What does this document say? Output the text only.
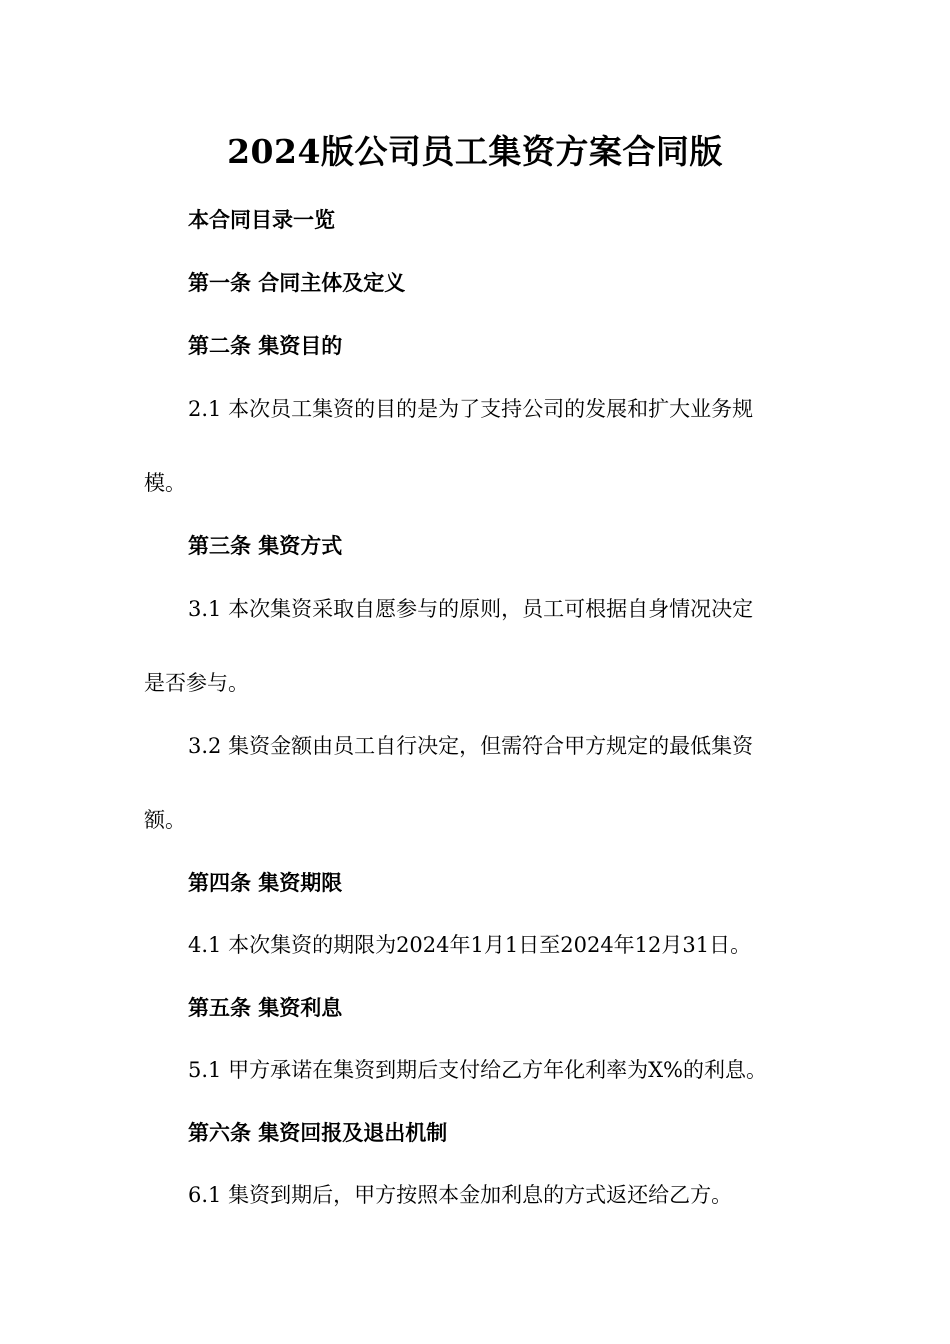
2024版公司员工集资方案合同版
本合同目录一览
第一条 合同主体及定义
第二条 集资目的
2.1 本次员工集资的目的是为了支持公司的发展和扩大业务规
模。
第三条 集资方式
3.1 本次集资采取自愿参与的原则，员工可根据自身情况决定
是否参与。
3.2 集资金额由员工自行决定，但需符合甲方规定的最低集资
额。
第四条 集资期限
4.1 本次集资的期限为2024年1月1日至2024年12月31日。
第五条 集资利息
5.1 甲方承诺在集资到期后支付给乙方年化利率为X%的利息。
第六条 集资回报及退出机制
6.1 集资到期后，甲方按照本金加利息的方式返还给乙方。
